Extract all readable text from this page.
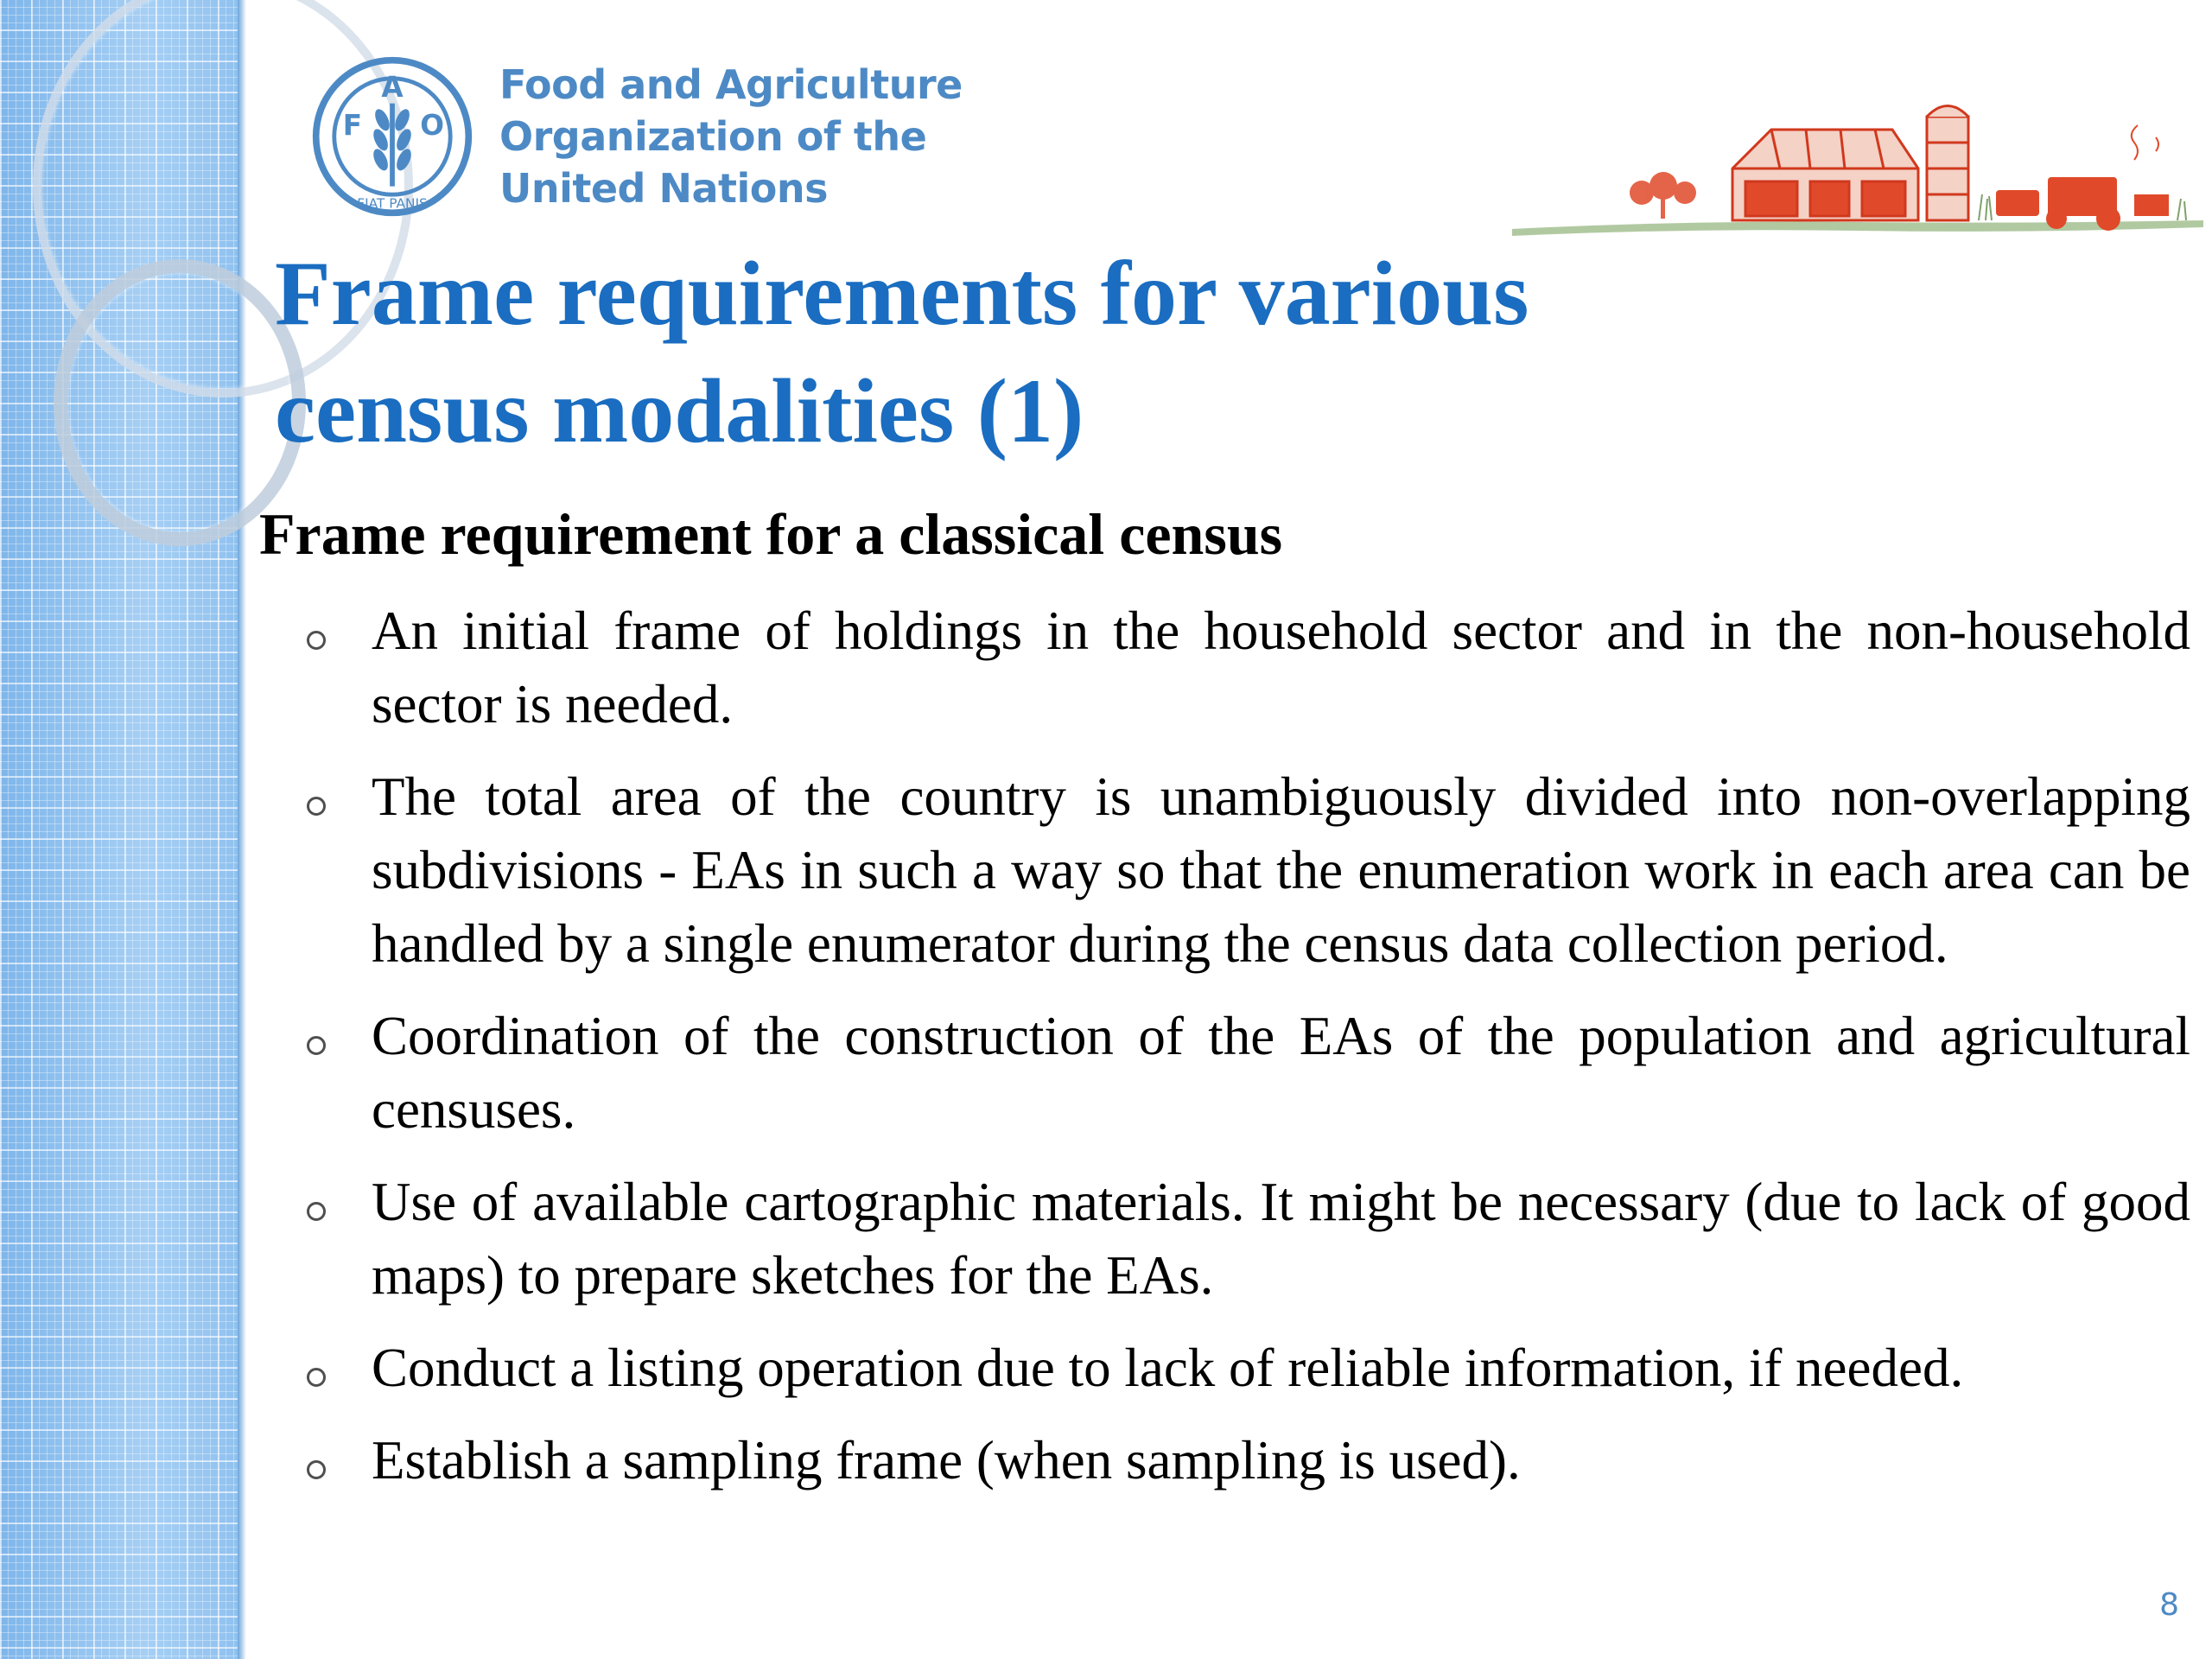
F
A
O
FIAT PANIS
Food and Agriculture
Organization of the
United Nations
Frame requirements for various
census modalities (1)
Frame requirement for a classical census
An initial frame of holdings in the household sector and in the non-household sector is needed.
The total area of the country is unambiguously divided into non-overlapping subdivisions - EAs in such a way so that the enumeration work in each area can be handled by a single enumerator during the census data collection period.
Coordination of the construction of the EAs of the population and agricultural censuses.
Use of available cartographic materials. It might be necessary (due to lack of good maps) to prepare sketches for the EAs.
Conduct a listing operation due to lack of reliable information, if needed.
Establish a sampling frame (when sampling is used).
8
